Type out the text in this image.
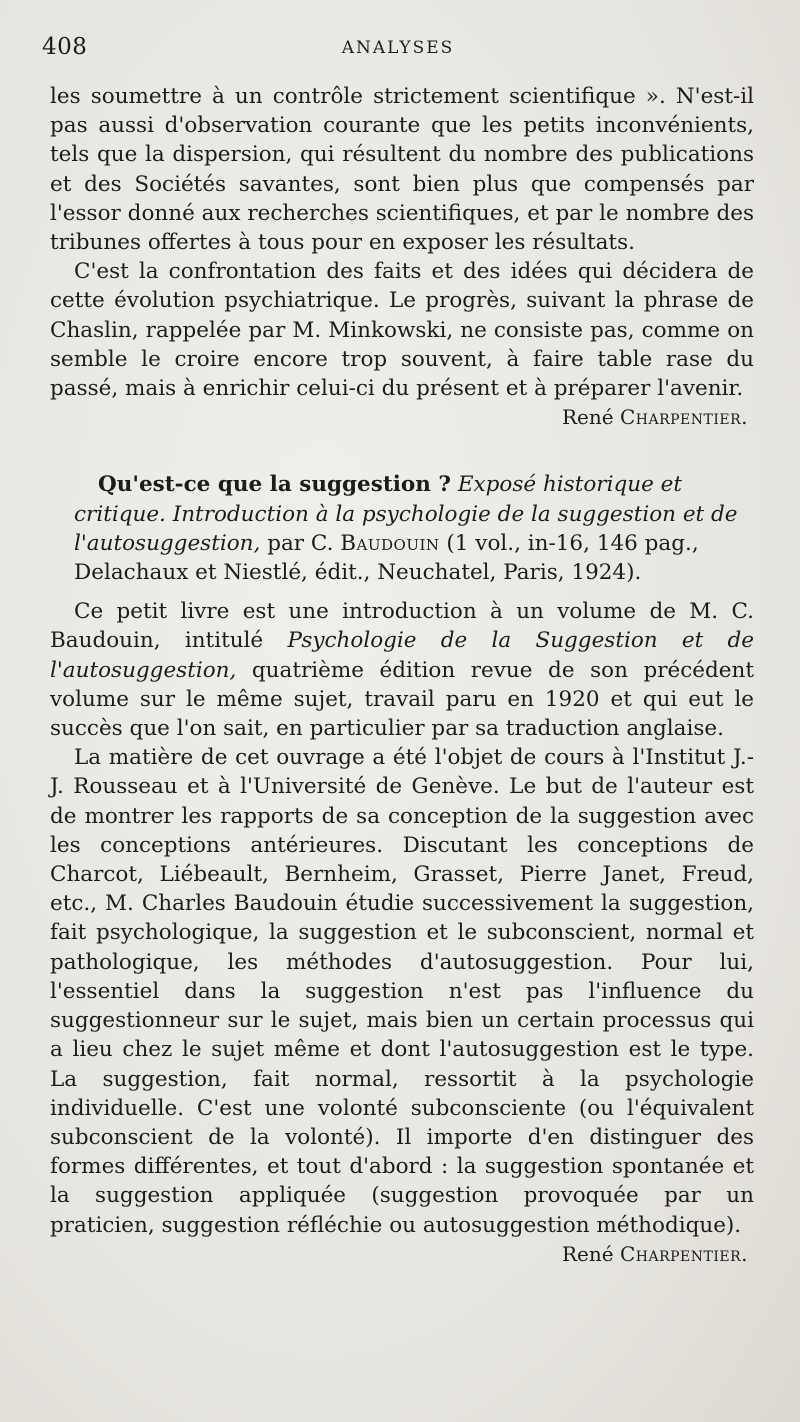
408	ANALYSES

les soumettre à un contrôle strictement scientifique ». N'est-il pas aussi d'observation courante que les petits inconvénients, tels que la dispersion, qui résultent du nombre des publications et des Sociétés savantes, sont bien plus que compensés par l'essor donné aux recherches scientifiques, et par le nombre des tribunes offertes à tous pour en exposer les résultats.

C'est la confrontation des faits et des idées qui décidera de cette évolution psychiatrique. Le progrès, suivant la phrase de Chaslin, rappelée par M. Minkowski, ne consiste pas, comme on semble le croire encore trop souvent, à faire table rase du passé, mais à enrichir celui-ci du présent et à préparer l'avenir.

René Charpentier.

Qu'est-ce que la suggestion ? Exposé historique et critique. Introduction à la psychologie de la suggestion et de l'autosuggestion, par C. Baudouin (1 vol., in-16, 146 pag., Delachaux et Niestlé, édit., Neuchatel, Paris, 1924).

Ce petit livre est une introduction à un volume de M. C. Baudouin, intitulé Psychologie de la Suggestion et de l'autosuggestion, quatrième édition revue de son précédent volume sur le même sujet, travail paru en 1920 et qui eut le succès que l'on sait, en particulier par sa traduction anglaise.

La matière de cet ouvrage a été l'objet de cours à l'Institut J.-J. Rousseau et à l'Université de Genève. Le but de l'auteur est de montrer les rapports de sa conception de la suggestion avec les conceptions antérieures. Discutant les conceptions de Charcot, Liébeault, Bernheim, Grasset, Pierre Janet, Freud, etc., M. Charles Baudouin étudie successivement la suggestion, fait psychologique, la suggestion et le subconscient, normal et pathologique, les méthodes d'autosuggestion. Pour lui, l'essentiel dans la suggestion n'est pas l'influence du suggestionneur sur le sujet, mais bien un certain processus qui a lieu chez le sujet même et dont l'autosuggestion est le type. La suggestion, fait normal, ressortit à la psychologie individuelle. C'est une volonté subconsciente (ou l'équivalent subconscient de la volonté). Il importe d'en distinguer des formes différentes, et tout d'abord : la suggestion spontanée et la suggestion appliquée (suggestion provoquée par un praticien, suggestion réfléchie ou autosuggestion méthodique).

René Charpentier.
